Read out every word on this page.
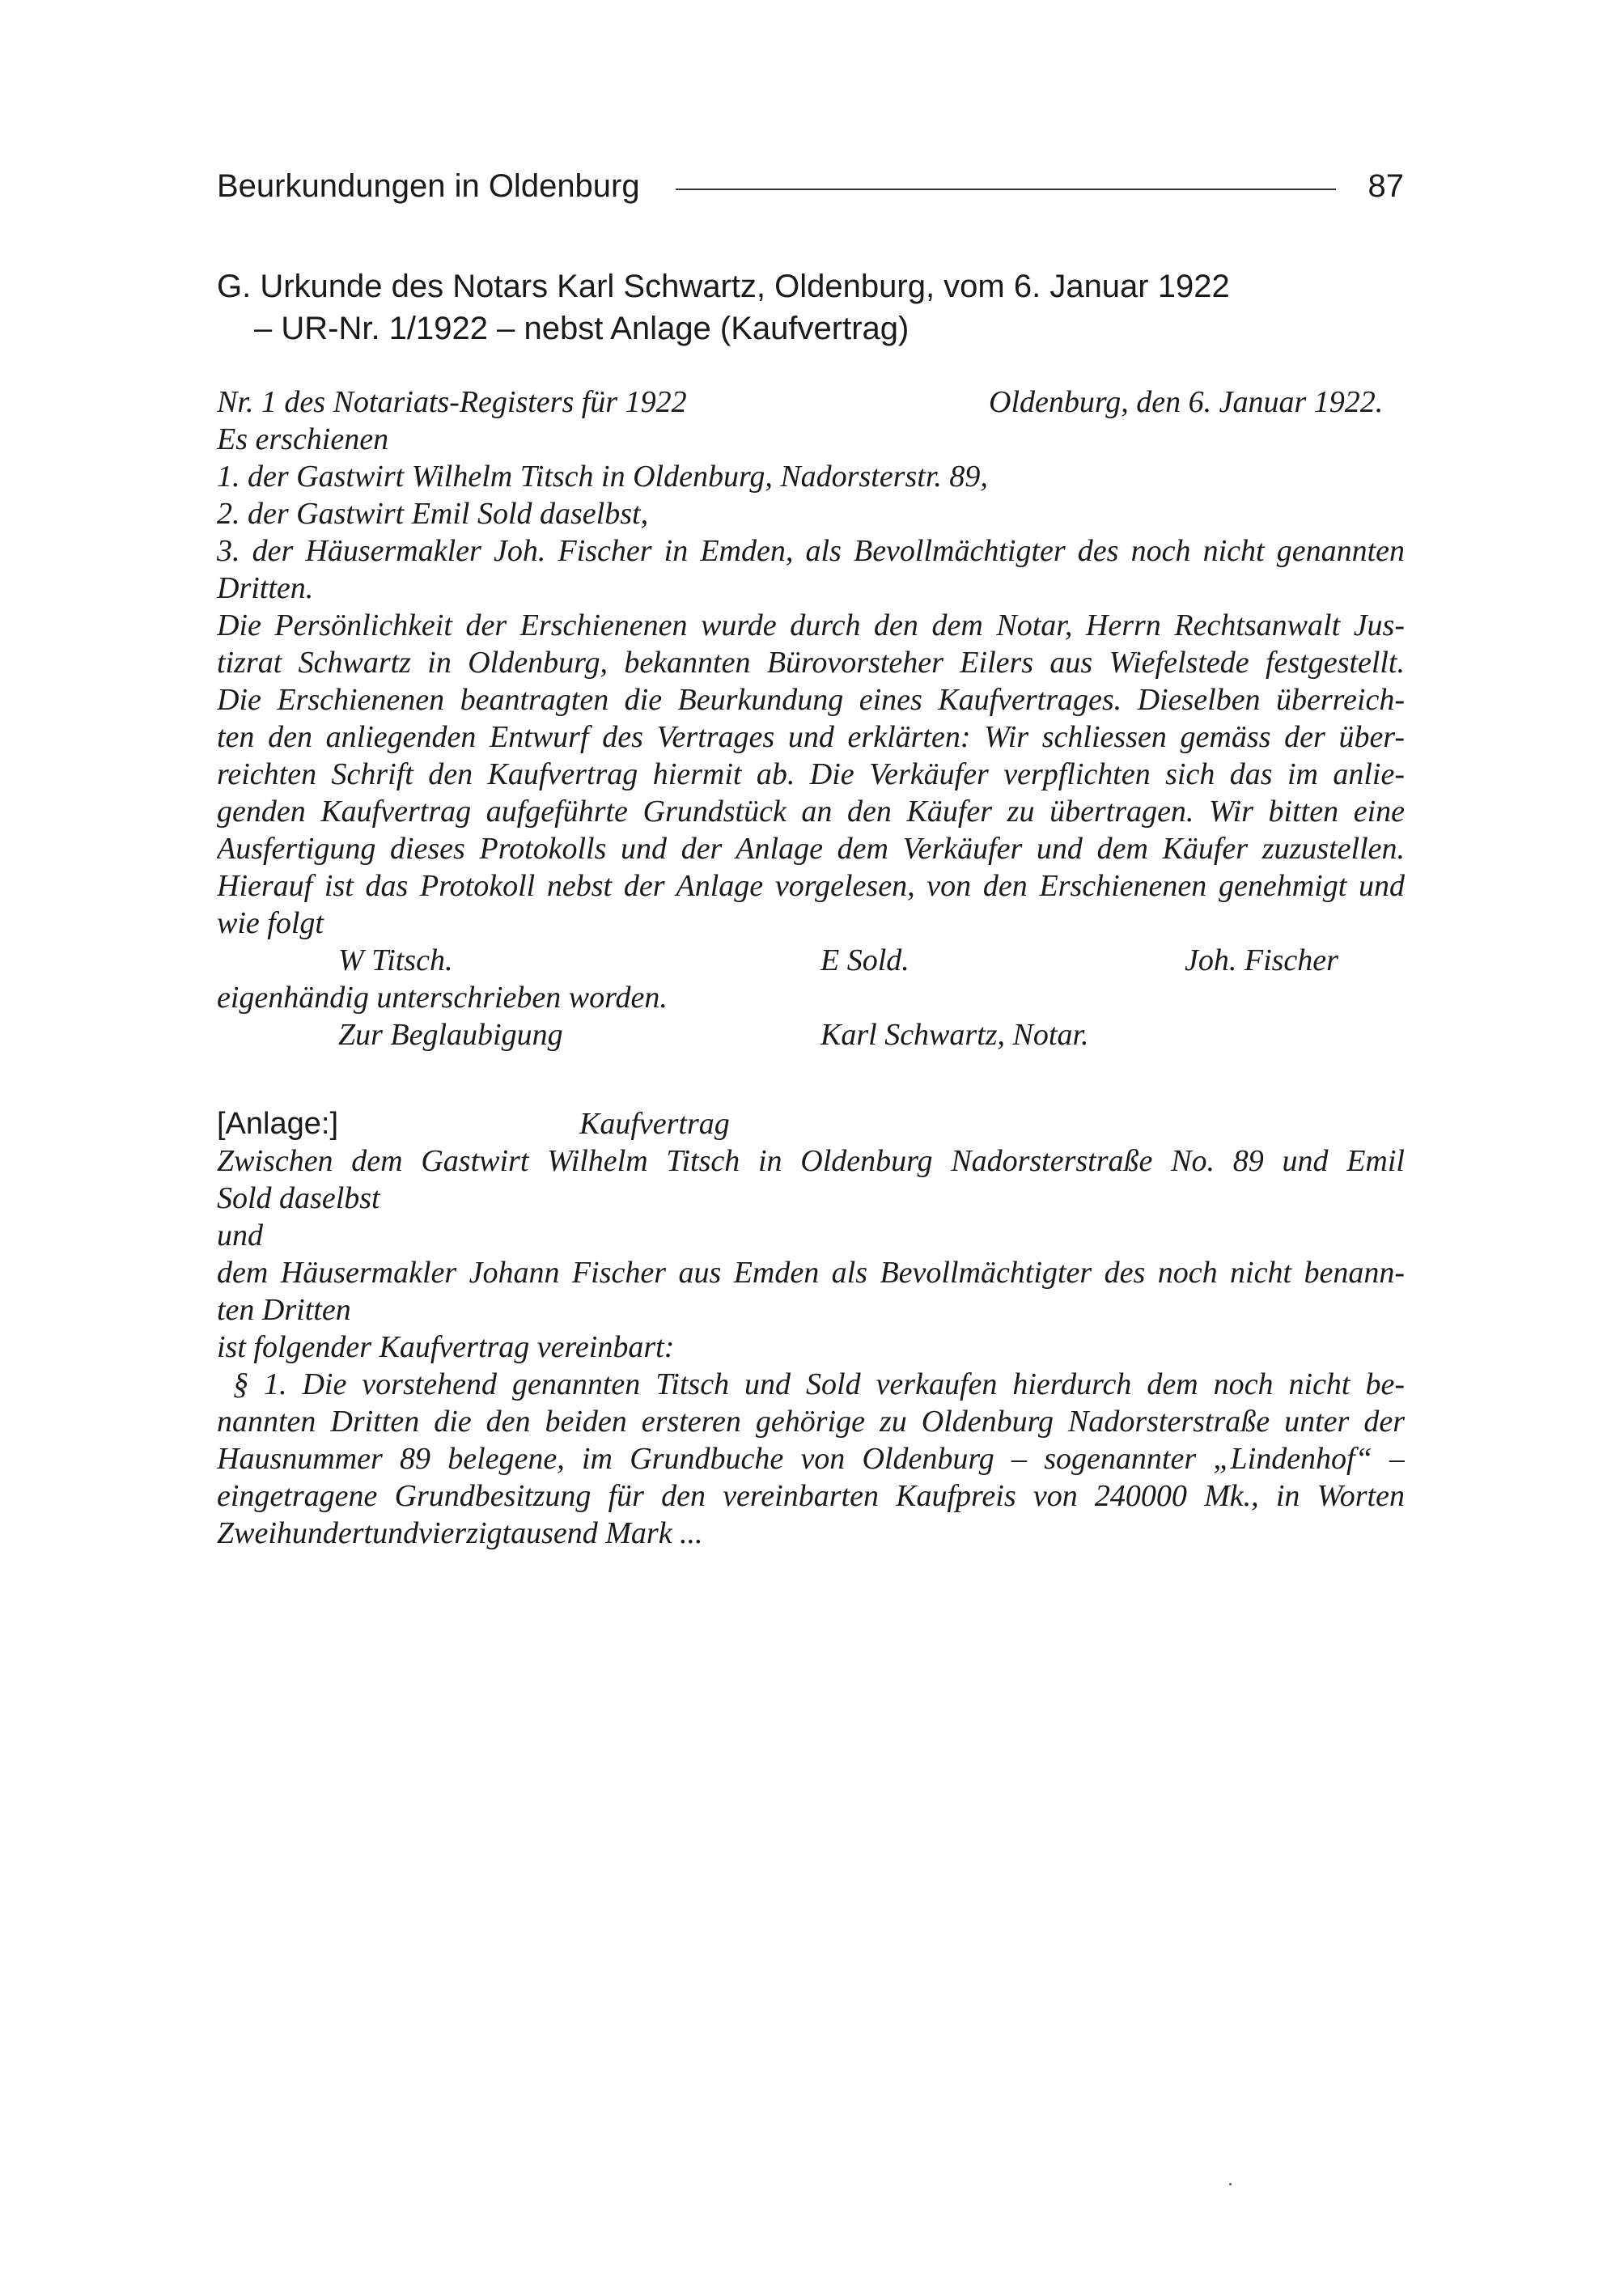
Beurkundungen in Oldenburg	87
G. Urkunde des Notars Karl Schwartz, Oldenburg, vom 6. Januar 1922
– UR-Nr. 1/1922 – nebst Anlage (Kaufvertrag)
Nr. 1 des Notariats-Registers für 1922	Oldenburg, den 6. Januar 1922.
Es erschienen
1. der Gastwirt Wilhelm Titsch in Oldenburg, Nadorsterstr. 89,
2. der Gastwirt Emil Sold daselbst,
3. der Häusermakler Joh. Fischer in Emden, als Bevollmächtigter des noch nicht genannten
Dritten.
Die Persönlichkeit der Erschienenen wurde durch den dem Notar, Herrn Rechtsanwalt Jus-
tizrat Schwartz in Oldenburg, bekannten Bürovorsteher Eilers aus Wiefelstede festgestellt.
Die Erschienenen beantragten die Beurkundung eines Kaufvertrages. Dieselben überreich-
ten den anliegenden Entwurf des Vertrages und erklärten: Wir schliessen gemäss der über-
reichten Schrift den Kaufvertrag hiermit ab. Die Verkäufer verpflichten sich das im anlie-
genden Kaufvertrag aufgeführte Grundstück an den Käufer zu übertragen. Wir bitten eine
Ausfertigung dieses Protokolls und der Anlage dem Verkäufer und dem Käufer zuzustellen.
Hierauf ist das Protokoll nebst der Anlage vorgelesen, von den Erschienenen genehmigt und
wie folgt
W Titsch.	E Sold.	Joh. Fischer
eigenhändig unterschrieben worden.
Zur Beglaubigung	Karl Schwartz, Notar.
[Anlage:]	Kaufvertrag
Zwischen dem Gastwirt Wilhelm Titsch in Oldenburg Nadorsterstraße No. 89 und Emil
Sold daselbst
und
dem Häusermakler Johann Fischer aus Emden als Bevollmächtigter des noch nicht benann-
ten Dritten
ist folgender Kaufvertrag vereinbart:
§ 1. Die vorstehend genannten Titsch und Sold verkaufen hierdurch dem noch nicht be-
nannten Dritten die den beiden ersteren gehörige zu Oldenburg Nadorsterstraße unter der
Hausnummer 89 belegene, im Grundbuche von Oldenburg – sogenannter „Lindenhof“ –
eingetragene Grundbesitzung für den vereinbarten Kaufpreis von 240000 Mk., in Worten
Zweihundertundvierzigtausend Mark ...
